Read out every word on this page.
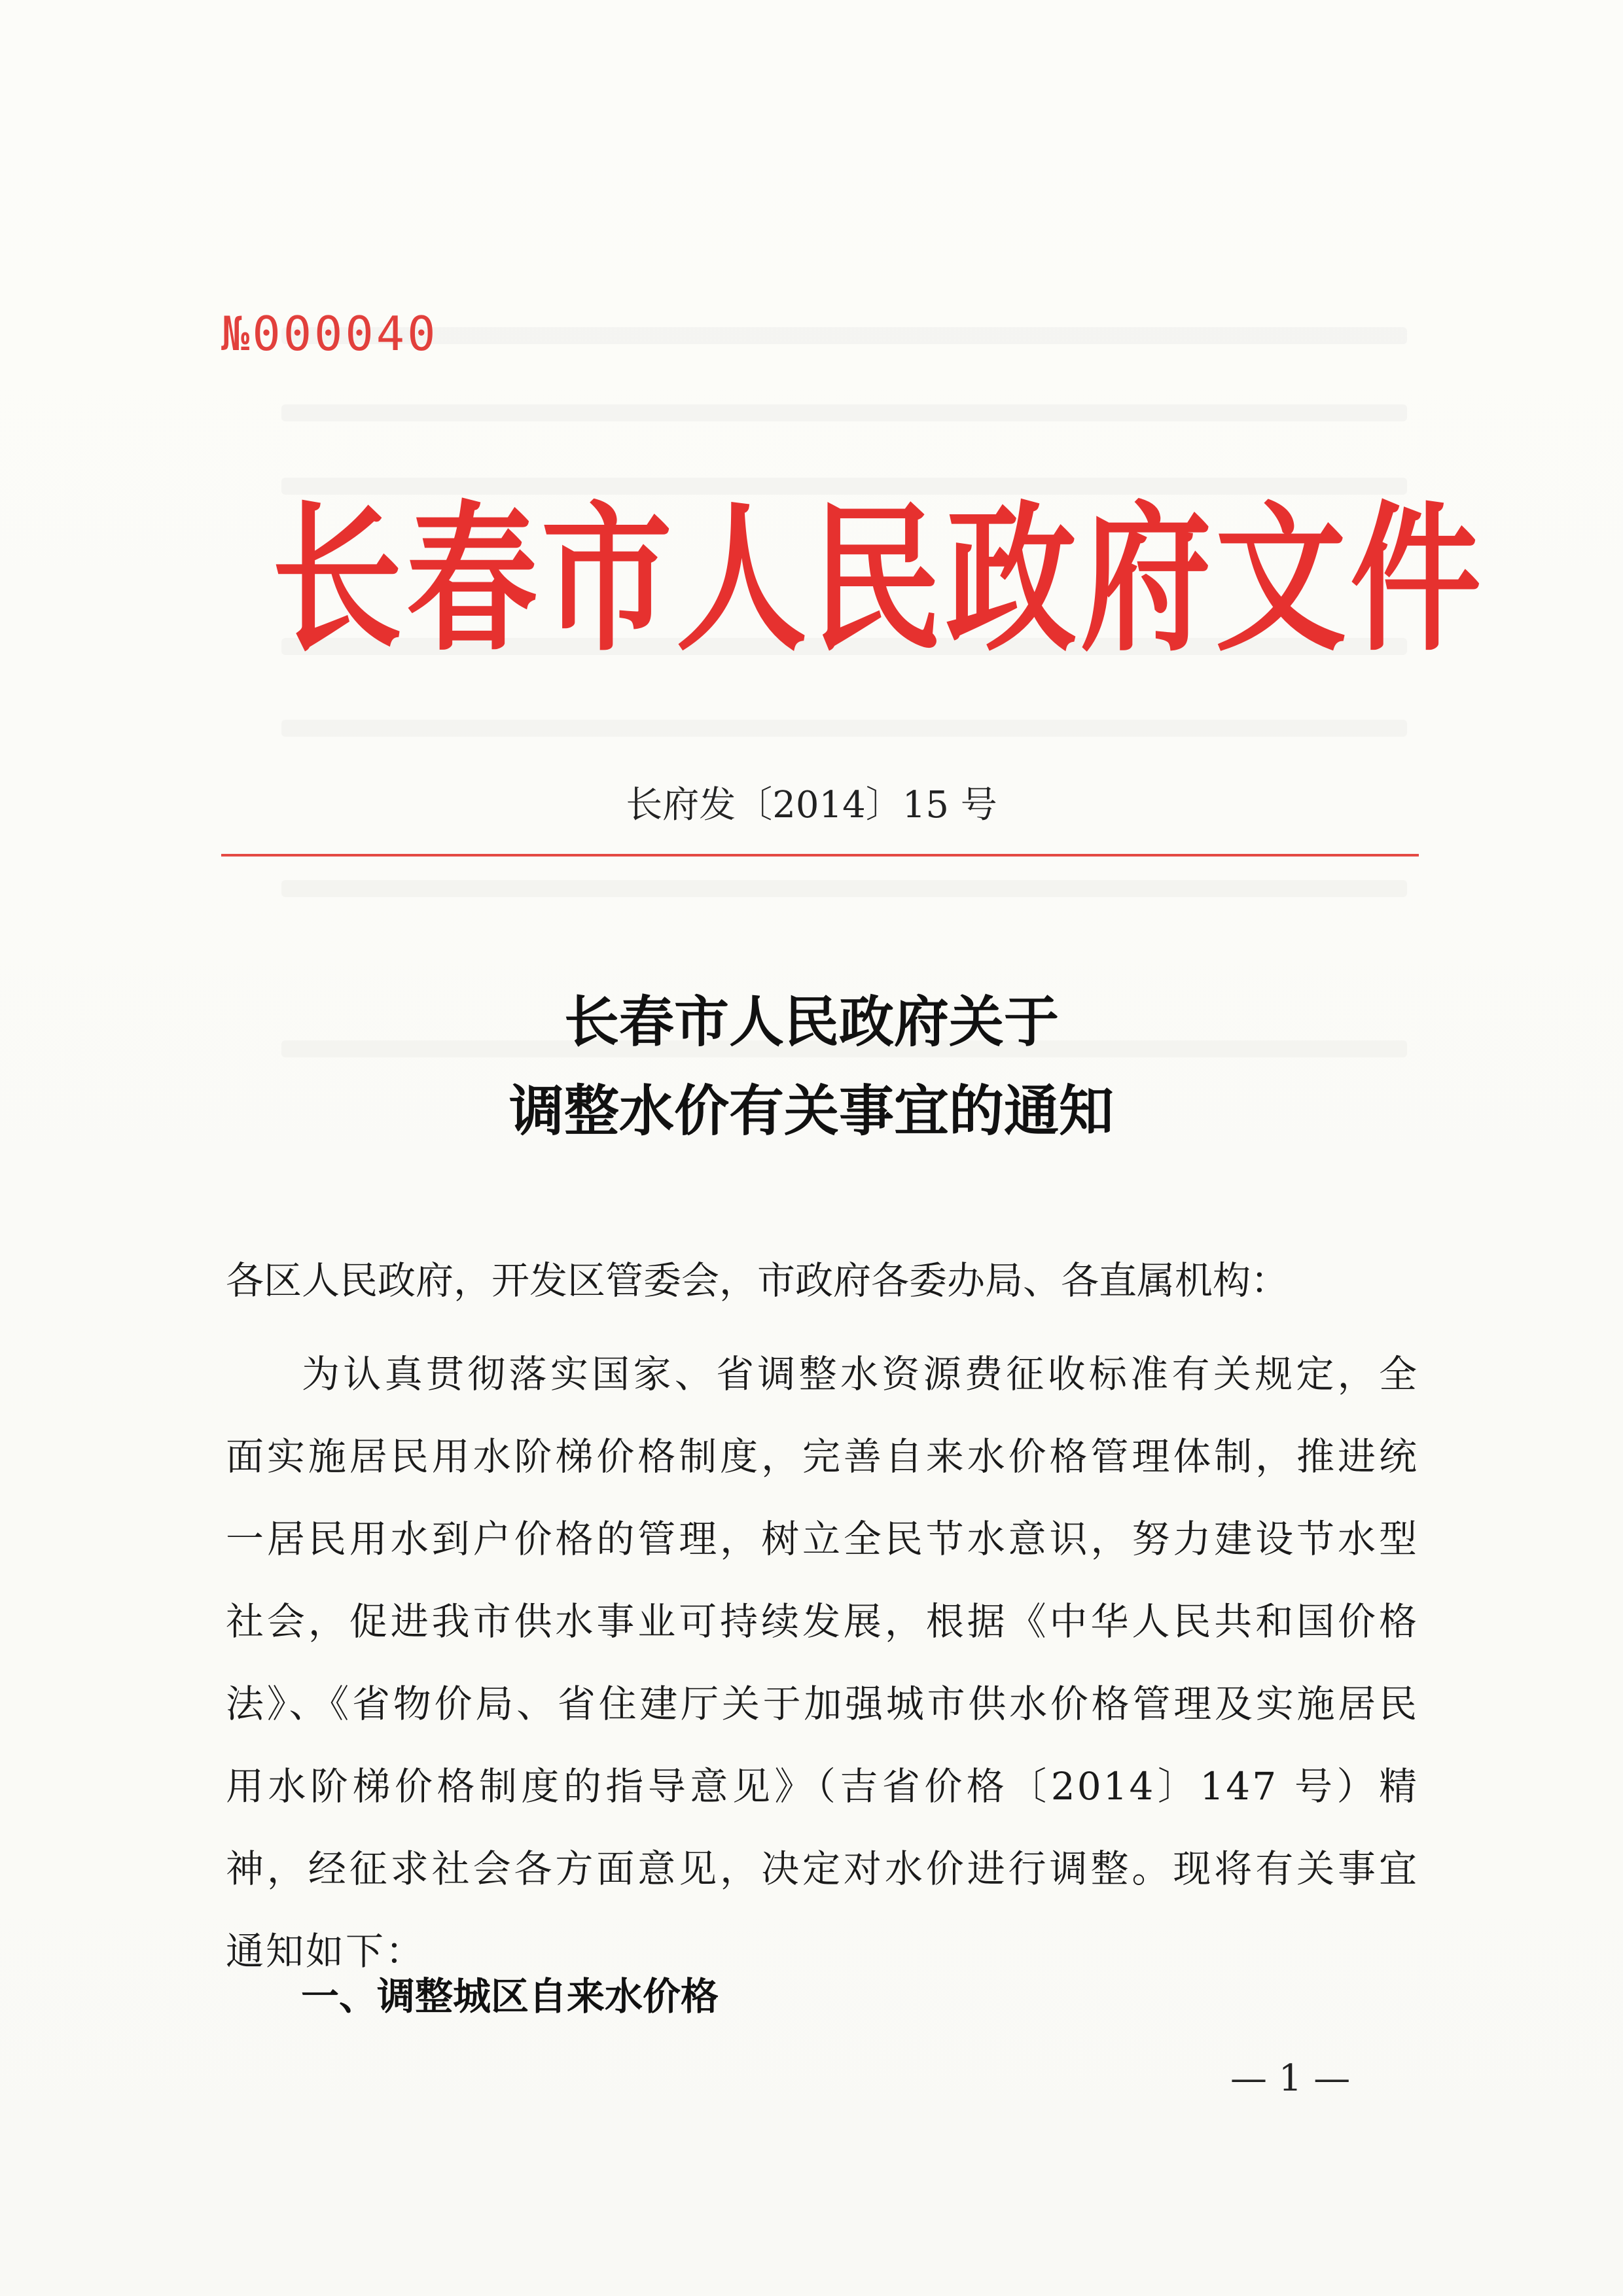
№000040

长春市人民政府文件

长府发〔2014〕15 号

长春市人民政府关于
调整水价有关事宜的通知

各区人民政府，开发区管委会，市政府各委办局、各直属机构：

为认真贯彻落实国家、省调整水资源费征收标准有关规定，全面实施居民用水阶梯价格制度，完善自来水价格管理体制，推进统一居民用水到户价格的管理，树立全民节水意识，努力建设节水型社会，促进我市供水事业可持续发展，根据《中华人民共和国价格法》、《省物价局、省住建厅关于加强城市供水价格管理及实施居民用水阶梯价格制度的指导意见》（吉省价格〔2014〕147 号）精神，经征求社会各方面意见，决定对水价进行调整。现将有关事宜通知如下：

一、调整城区自来水价格

— 1 —
